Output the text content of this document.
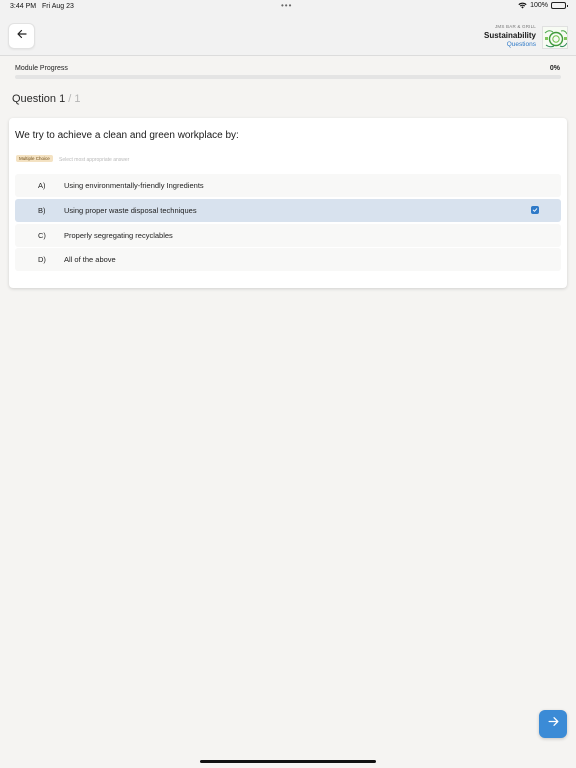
3:44 PM Fri Aug 23	•••	100%
JMS BAR & GRILL
Sustainability
Questions
Module Progress	0%
Question 1 / 1
We try to achieve a clean and green workplace by:
Multiple Choice	Select most appropriate answer
A) Using environmentally-friendly Ingredients
B) Using proper waste disposal techniques
C) Properly segregating recyclables
D) All of the above
